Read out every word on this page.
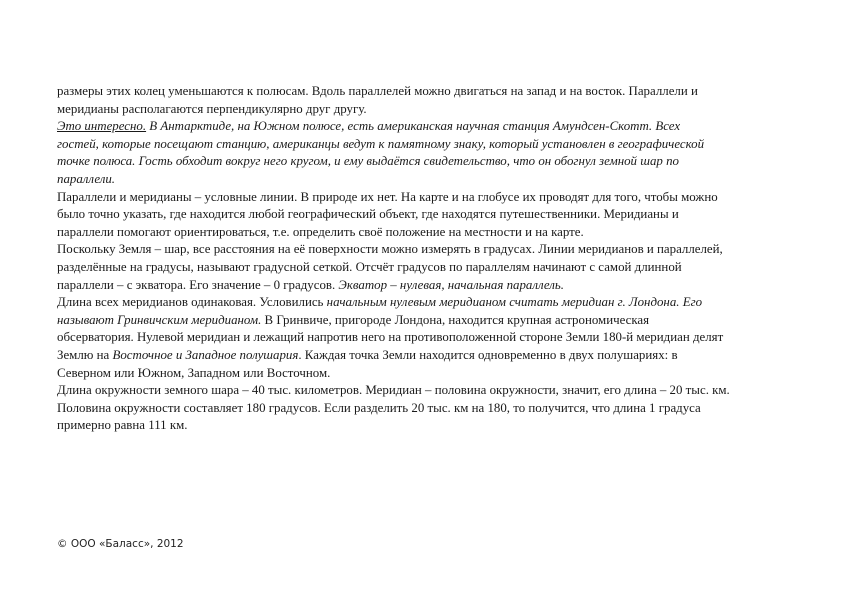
размеры этих колец уменьшаются к полюсам. Вдоль параллелей можно двигаться на запад и на восток. Параллели и
меридианы располагаются перпендикулярно друг другу.
Это интересно. В Антарктиде, на Южном полюсе, есть американская научная станция Амундсен-Скотт. Всех
гостей, которые посещают станцию, американцы ведут к памятному знаку, который установлен в географической
точке полюса. Гость обходит вокруг него кругом, и ему выдаётся свидетельство, что он обогнул земной шар по
параллели.
Параллели и меридианы – условные линии. В природе их нет. На карте и на глобусе их проводят для того, чтобы можно
было точно указать, где находится любой географический объект, где находятся путешественники. Меридианы и
параллели помогают ориентироваться, т.е. определить своё положение на местности и на карте.
Поскольку Земля – шар, все расстояния на её поверхности можно измерять в градусах. Линии меридианов и параллелей,
разделённые на градусы, называют градусной сеткой. Отсчёт градусов по параллелям начинают с самой длинной
параллели – с экватора. Его значение – 0 градусов. Экватор – нулевая, начальная параллель.
Длина всех меридианов одинаковая. Условились начальным нулевым меридианом считать меридиан г. Лондона. Его
называют Гринвичским меридианом. В Гринвиче, пригороде Лондона, находится крупная астрономическая
обсерватория. Нулевой меридиан и лежащий напротив него на противоположенной стороне Земли 180-й меридиан делят
Землю на Восточное и Западное полушария. Каждая точка Земли находится одновременно в двух полушариях: в
Северном или Южном, Западном или Восточном.
Длина окружности земного шара – 40 тыс. километров. Меридиан – половина окружности, значит, его длина – 20 тыс. км.
Половина окружности составляет 180 градусов. Если разделить 20 тыс. км на 180, то получится, что длина 1 градуса
примерно равна 111 км.
© ООО «Баласс», 2012
